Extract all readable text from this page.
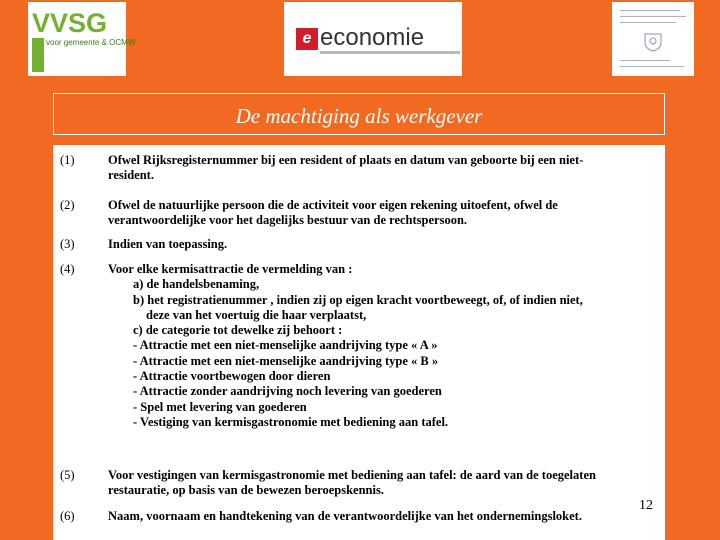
VVSG
voor gemeente & OCMW	e economie
De machtiging als werkgever
(1)	Ofwel Rijksregisternummer bij een resident of plaats en datum van geboorte bij een niet-
resident.
(2)	Ofwel de natuurlijke persoon die de activiteit voor eigen rekening uitoefent, ofwel de
verantwoordelijke voor het dagelijks bestuur van de rechtspersoon.
(3)	Indien van toepassing.
(4)	Voor elke kermisattractie de vermelding van :
a) de handelsbenaming,
b) het registratienummer , indien zij op eigen kracht voortbeweegt, of, of indien niet,
deze van het voertuig die haar verplaatst,
c) de categorie tot dewelke zij behoort :
- Attractie met een niet-menselijke aandrijving type « A »
- Attractie met een niet-menselijke aandrijving type « B »
- Attractie voortbewogen door dieren
- Attractie zonder aandrijving noch levering van goederen
- Spel met levering van goederen
- Vestiging van kermisgastronomie met bediening aan tafel.
(5)	Voor vestigingen van kermisgastronomie met bediening aan tafel: de aard van de toegelaten
restauratie, op basis van de bewezen beroepskennis.
(6)	Naam, voornaam en handtekening van de verantwoordelijke van het ondernemingsloket.
12
